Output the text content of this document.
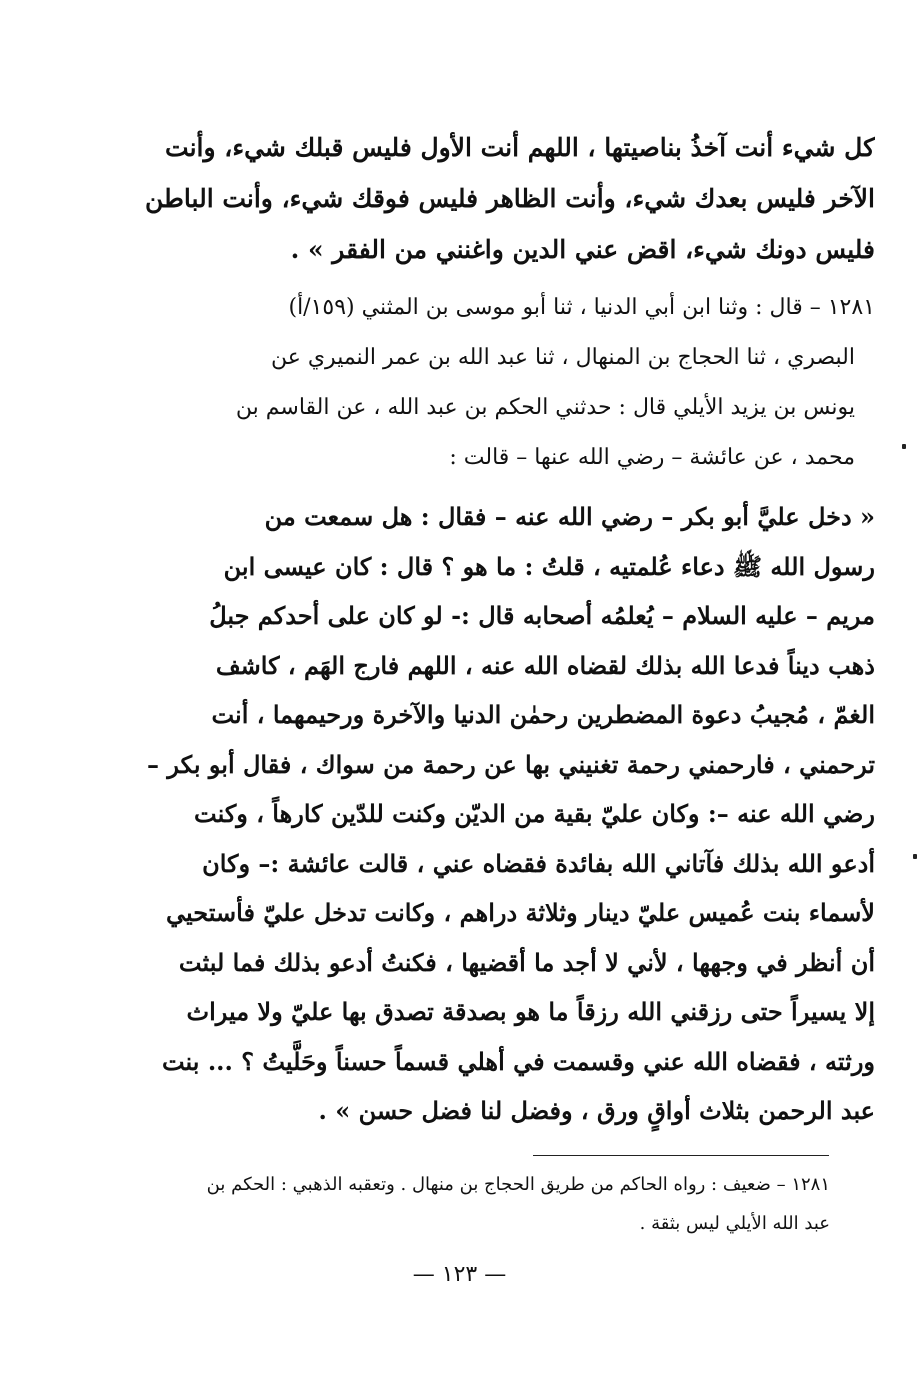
كل شيء أنت آخذُ بناصيتها ، اللهم أنت الأول فليس قبلك شيء، وأنت
الآخر فليس بعدك شيء، وأنت الظاهر فليس فوقك شيء، وأنت الباطن
فليس دونك شيء، اقض عني الدين واغنني من الفقر » .
١٢٨١ – قال : وثنا ابن أبي الدنيا ، ثنا أبو موسى بن المثني (١٥٩/أ)
البصري ، ثنا الحجاج بن المنهال ، ثنا عبد الله بن عمر النميري عن
يونس بن يزيد الأيلي قال : حدثني الحكم بن عبد الله ، عن القاسم بن
محمد ، عن عائشة – رضي الله عنها – قالت :
« دخل عليَّ أبو بكر – رضي الله عنه – فقال : هل سمعت من
رسول الله ﷺ دعاء عُلمتيه ، قلتُ : ما هو ؟ قال : كان عيسى ابن
مريم – عليه السلام – يُعلمُه أصحابه قال :- لو كان على أحدكم جبلُ
ذهب ديناً فدعا الله بذلك لقضاه الله عنه ، اللهم فارج الهَم ، كاشف
الغمّ ، مُجيبُ دعوة المضطرين رحمٰن الدنيا والآخرة ورحيمهما ، أنت
ترحمني ، فارحمني رحمة تغنيني بها عن رحمة من سواك ، فقال أبو بكر –
رضي الله عنه –: وكان عليّ بقية من الديّن وكنت للدّين كارهاً ، وكنت
أدعو الله بذلك فآتاني الله بفائدة فقضاه عني ، قالت عائشة :– وكان
لأسماء بنت عُميس عليّ دينار وثلاثة دراهم ، وكانت تدخل عليّ فأستحيي
أن أنظر في وجهها ، لأني لا أجد ما أقضيها ، فكنتُ أدعو بذلك فما لبثت
إلا يسيراً حتى رزقني الله رزقاً ما هو بصدقة تصدق بها عليّ ولا ميراث
ورثته ، فقضاه الله عني وقسمت في أهلي قسماً حسناً وحَلَّيتُ ؟ ... بنت
عبد الرحمن بثلاث أواقٍ ورق ، وفضل لنا فضل حسن » .
١٢٨١ – ضعيف : رواه الحاكم من طريق الحجاج بن منهال . وتعقبه الذهبي : الحكم بن
عبد الله الأيلي ليس بثقة .
— ١٢٣ —
